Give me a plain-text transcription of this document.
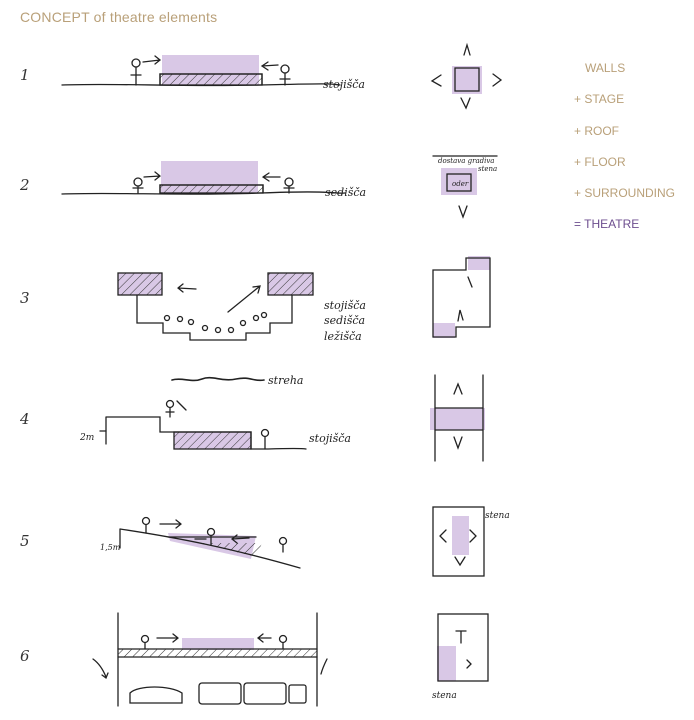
CONCEPT of theatre elements
1
2
3
4
5
6
WALLS
+ STAGE
+ ROOF
+ FLOOR
+ SURROUNDING
= THEATRE
stojišča
sedišča
dostava gradiva
stena
oder
stojišča
sedišča
ležišča
streha
2m	stojišča
1,5m
stena
stena
